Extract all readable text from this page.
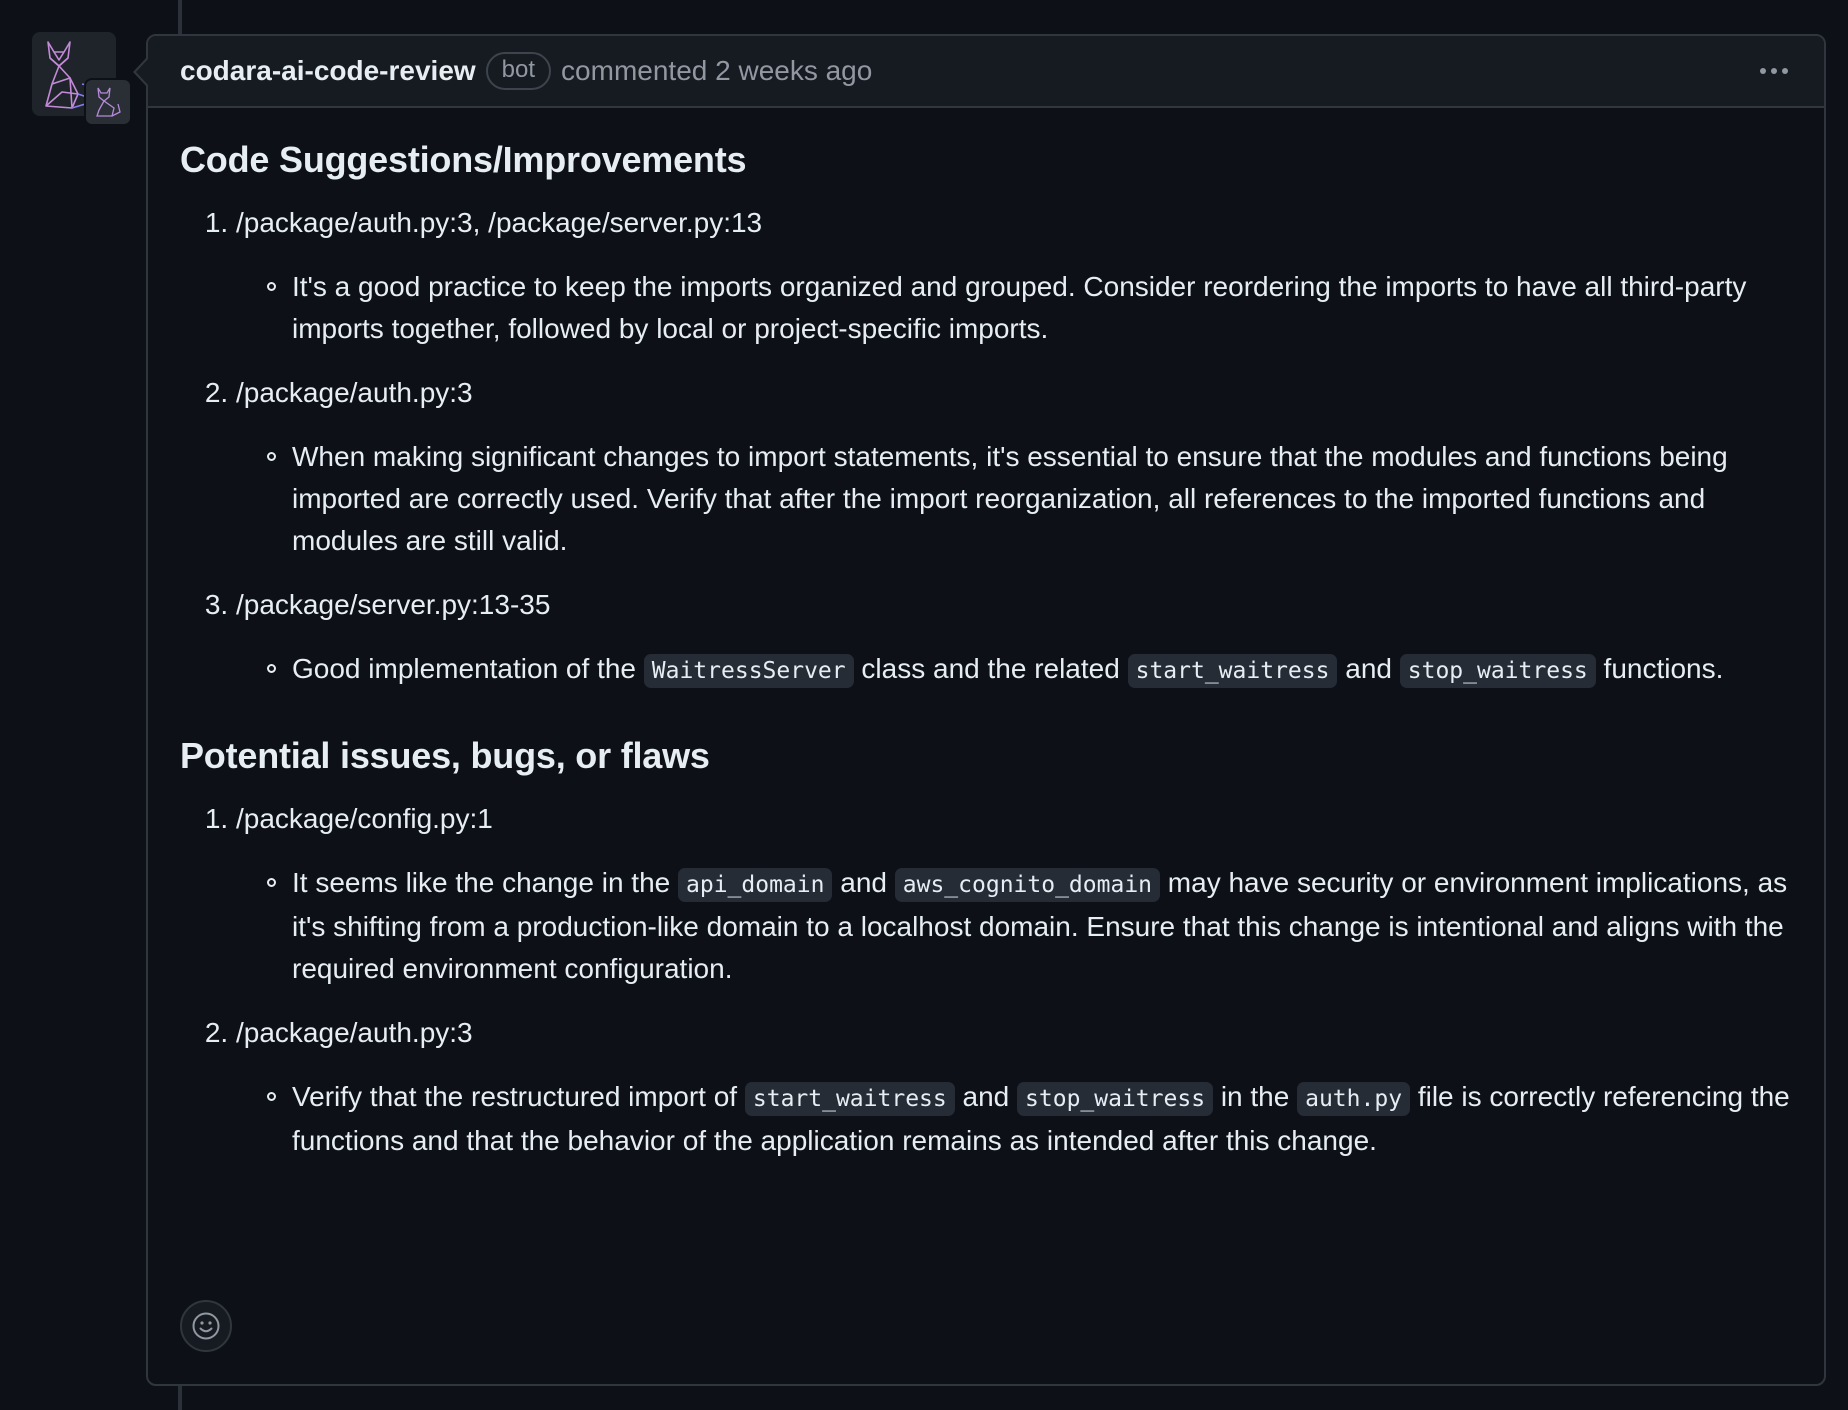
codara-ai-code-review	bot commented 2 weeks ago
Code Suggestions/Improvements
1. /package/auth.py:3, /package/server.py:13
It's a good practice to keep the imports organized and grouped. Consider reordering the imports to have all third-party imports together, followed by local or project-specific imports.
2. /package/auth.py:3
When making significant changes to import statements, it's essential to ensure that the modules and functions being imported are correctly used. Verify that after the import reorganization, all references to the imported functions and modules are still valid.
3. /package/server.py:13-35
Good implementation of the WaitressServer class and the related start_waitress and stop_waitress functions.
Potential issues, bugs, or flaws
1. /package/config.py:1
It seems like the change in the api_domain and aws_cognito_domain may have security or environment implications, as it's shifting from a production-like domain to a localhost domain. Ensure that this change is intentional and aligns with the required environment configuration.
2. /package/auth.py:3
Verify that the restructured import of start_waitress and stop_waitress in the auth.py file is correctly referencing the functions and that the behavior of the application remains as intended after this change.
